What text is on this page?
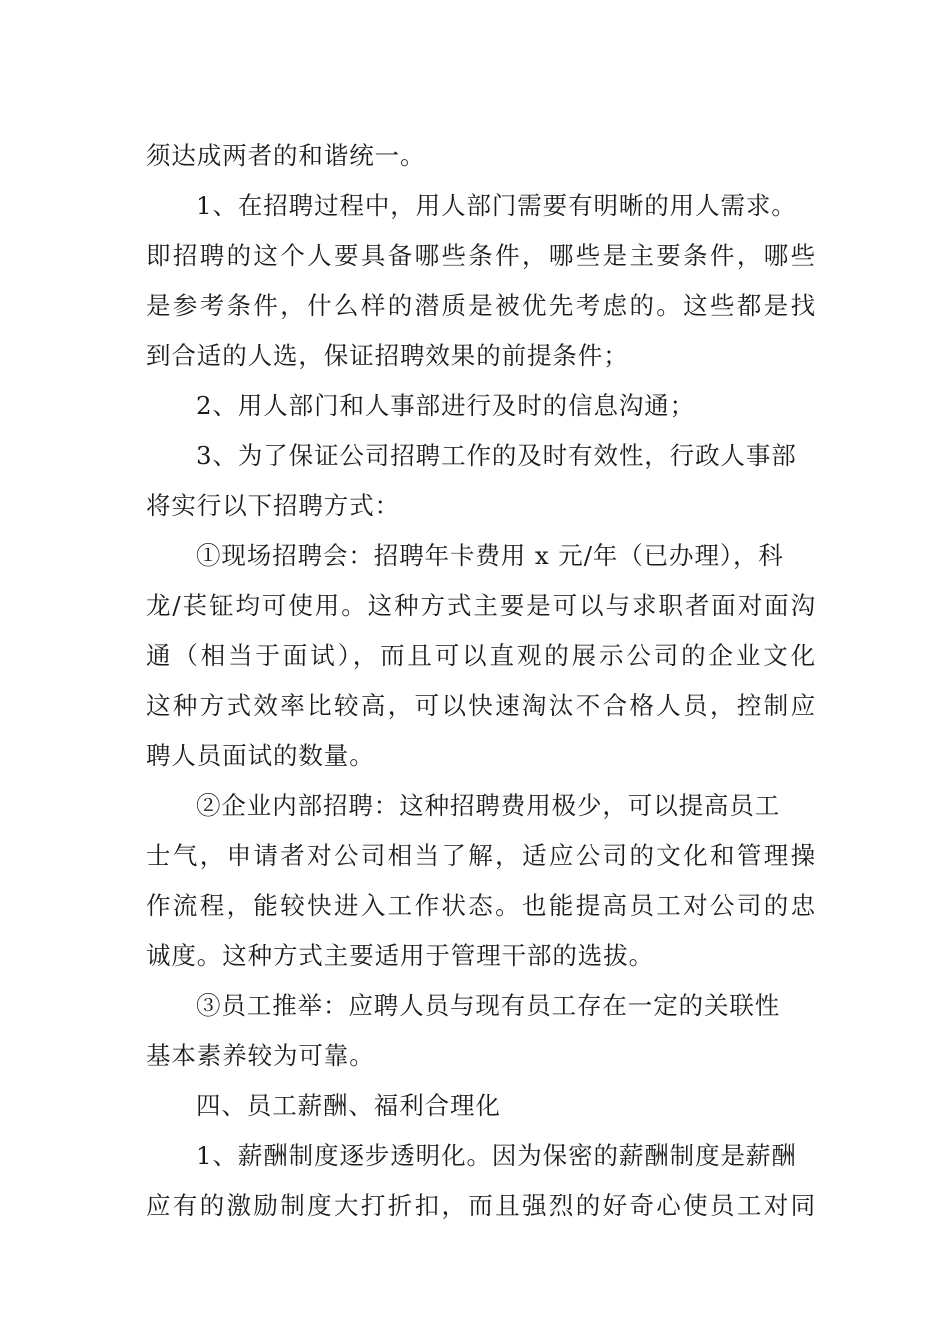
须达成两者的和谐统一。
1、在招聘过程中，用人部门需要有明晰的用人需求。
即招聘的这个人要具备哪些条件，哪些是主要条件，哪些
是参考条件，什么样的潜质是被优先考虑的。这些都是找
到合适的人选，保证招聘效果的前提条件；
2、用人部门和人事部进行及时的信息沟通；
3、为了保证公司招聘工作的及时有效性，行政人事部
将实行以下招聘方式：
①现场招聘会：招聘年卡费用 x 元/年（已办理），科
龙/苌钲均可使用。这种方式主要是可以与求职者面对面沟
通（相当于面试），而且可以直观的展示公司的企业文化
这种方式效率比较高，可以快速淘汰不合格人员，控制应
聘人员面试的数量。
②企业内部招聘：这种招聘费用极少，可以提高员工
士气，申请者对公司相当了解，适应公司的文化和管理操
作流程，能较快进入工作状态。也能提高员工对公司的忠
诚度。这种方式主要适用于管理干部的选拔。
③员工推举：应聘人员与现有员工存在一定的关联性
基本素养较为可靠。
四、员工薪酬、福利合理化
1、薪酬制度逐步透明化。因为保密的薪酬制度是薪酬
应有的激励制度大打折扣，而且强烈的好奇心使员工对同
